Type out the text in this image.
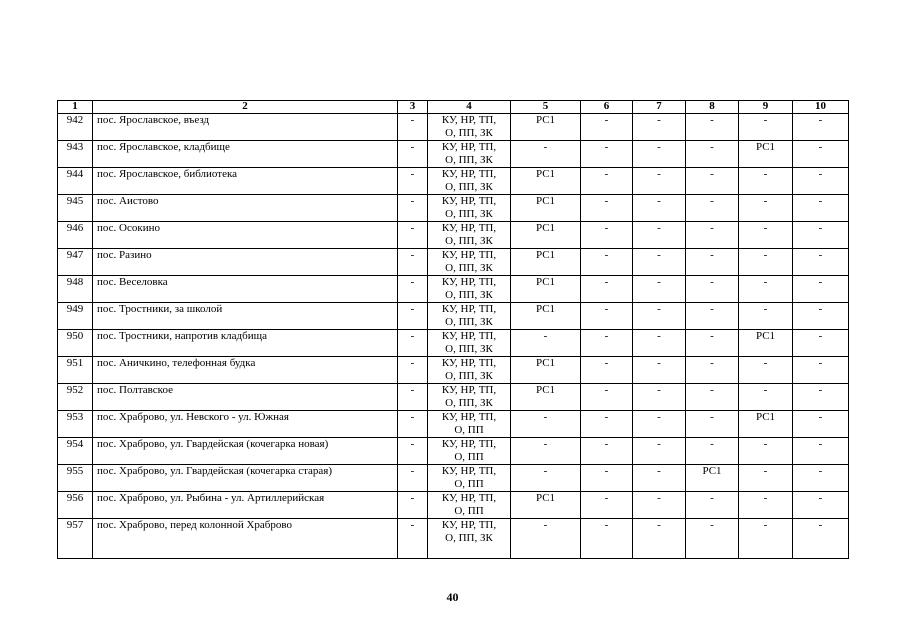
1	2	3	4	5	6	7	8	9	10
942	пос. Ярославское, въезд	-	КУ, НР, ТП,
О, ПП, ЗК	РС1	-	-	-	-	-
943	пос. Ярославское, кладбище	-	КУ, НР, ТП,
О, ПП, ЗК	-	-	-	-	РС1	-
944	пос. Ярославское, библиотека	-	КУ, НР, ТП,
О, ПП, ЗК	РС1	-	-	-	-	-
945	пос. Аистово	-	КУ, НР, ТП,
О, ПП, ЗК	РС1	-	-	-	-	-
946	пос. Осокино	-	КУ, НР, ТП,
О, ПП, ЗК	РС1	-	-	-	-	-
947	пос. Разино	-	КУ, НР, ТП,
О, ПП, ЗК	РС1	-	-	-	-	-
948	пос. Веселовка	-	КУ, НР, ТП,
О, ПП, ЗК	РС1	-	-	-	-	-
949	пос. Тростники, за школой	-	КУ, НР, ТП,
О, ПП, ЗК	РС1	-	-	-	-	-
950	пос. Тростники, напротив кладбища	-	КУ, НР, ТП,
О, ПП, ЗК	-	-	-	-	РС1	-
951	пос. Аничкино, телефонная будка	-	КУ, НР, ТП,
О, ПП, ЗК	РС1	-	-	-	-	-
952	пос. Полтавское	-	КУ, НР, ТП,
О, ПП, ЗК	РС1	-	-	-	-	-
953	пос. Храброво, ул. Невского - ул. Южная	-	КУ, НР, ТП,
О, ПП	-	-	-	-	РС1	-
954	пос. Храброво, ул. Гвардейская (кочегарка новая)	-	КУ, НР, ТП,
О, ПП	-	-	-	-	-	-
955	пос. Храброво, ул. Гвардейская (кочегарка старая)	-	КУ, НР, ТП,
О, ПП	-	-	-	РС1	-	-
956	пос. Храброво, ул. Рыбина - ул. Артиллерийская	-	КУ, НР, ТП,
О, ПП	РС1	-	-	-	-	-
957	пос. Храброво, перед колонной Храброво	-	КУ, НР, ТП,
О, ПП, ЗК	-	-	-	-	-	-
40
